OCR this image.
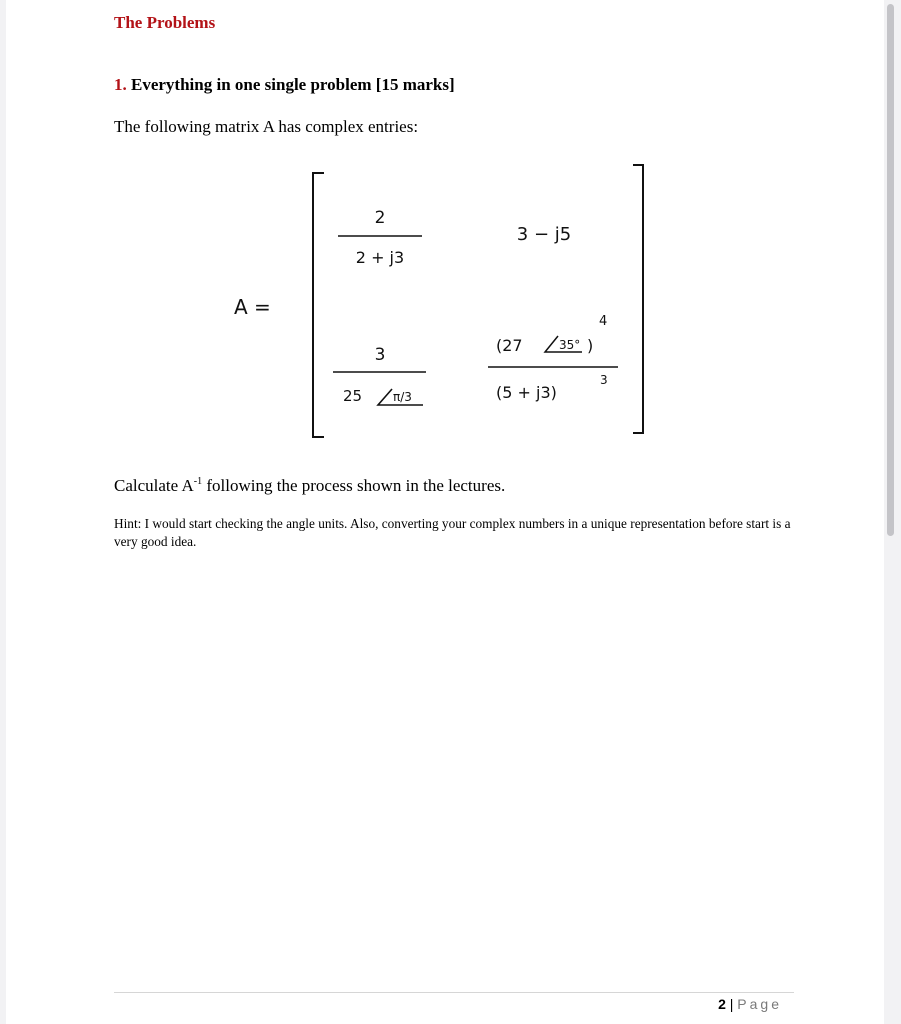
The Problems
1. Everything in one single problem [15 marks]

The following matrix A has complex entries:

A =
2
2 + j3
3 − j5
3
25	π/3
(27	35° )
4
(5 + j3)
3

Calculate $A^{-1}$ following the process shown in the lectures.

Hint: I would start checking the angle units. Also, converting your complex numbers in a unique representation before start is a very good idea.

2 | Page
